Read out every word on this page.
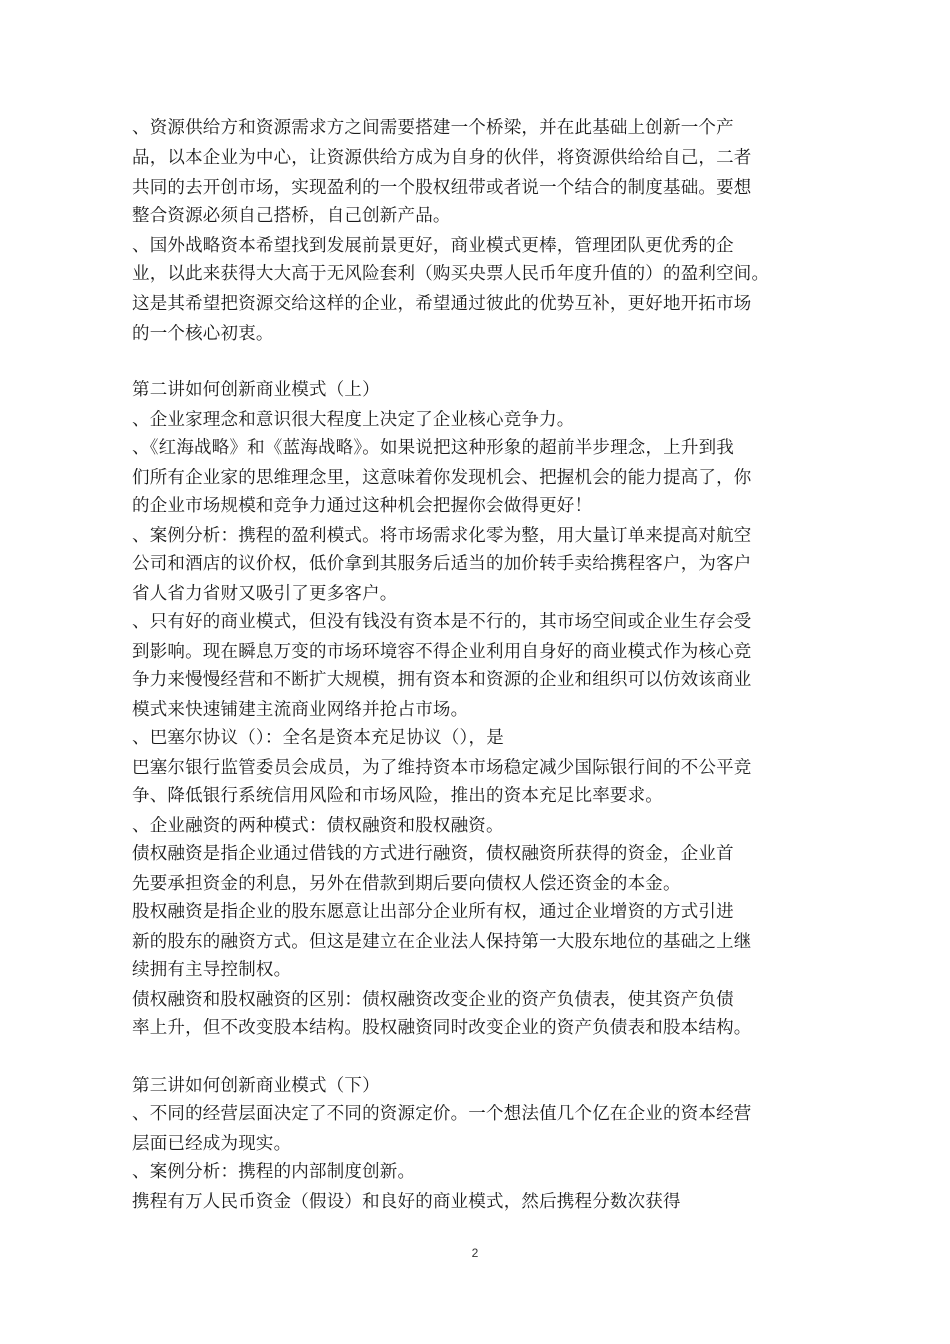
、资源供给方和资源需求方之间需要搭建一个桥梁，并在此基础上创新一个产
品，以本企业为中心，让资源供给方成为自身的伙伴，将资源供给给自己，二者
共同的去开创市场，实现盈利的一个股权纽带或者说一个结合的制度基础。要想
整合资源必须自己搭桥，自己创新产品。
、国外战略资本希望找到发展前景更好，商业模式更棒，管理团队更优秀的企
业，以此来获得大大高于无风险套利（购买央票人民币年度升值的）的盈利空间。
这是其希望把资源交给这样的企业，希望通过彼此的优势互补，更好地开拓市场
的一个核心初衷。
第二讲如何创新商业模式（上）
、企业家理念和意识很大程度上决定了企业核心竞争力。
、《红海战略》和《蓝海战略》。如果说把这种形象的超前半步理念，上升到我
们所有企业家的思维理念里，这意味着你发现机会、把握机会的能力提高了，你
的企业市场规模和竞争力通过这种机会把握你会做得更好！
、案例分析：携程的盈利模式。将市场需求化零为整，用大量订单来提高对航空
公司和酒店的议价权，低价拿到其服务后适当的加价转手卖给携程客户，为客户
省人省力省财又吸引了更多客户。
、只有好的商业模式，但没有钱没有资本是不行的，其市场空间或企业生存会受
到影响。现在瞬息万变的市场环境容不得企业利用自身好的商业模式作为核心竞
争力来慢慢经营和不断扩大规模，拥有资本和资源的企业和组织可以仿效该商业
模式来快速铺建主流商业网络并抢占市场。
、巴塞尔协议（）：全名是资本充足协议（），是
巴塞尔银行监管委员会成员，为了维持资本市场稳定减少国际银行间的不公平竞
争、降低银行系统信用风险和市场风险，推出的资本充足比率要求。
、企业融资的两种模式：债权融资和股权融资。
债权融资是指企业通过借钱的方式进行融资，债权融资所获得的资金，企业首
先要承担资金的利息，另外在借款到期后要向债权人偿还资金的本金。
股权融资是指企业的股东愿意让出部分企业所有权，通过企业增资的方式引进
新的股东的融资方式。但这是建立在企业法人保持第一大股东地位的基础之上继
续拥有主导控制权。
债权融资和股权融资的区别：债权融资改变企业的资产负债表，使其资产负债
率上升，但不改变股本结构。股权融资同时改变企业的资产负债表和股本结构。
第三讲如何创新商业模式（下）
、不同的经营层面决定了不同的资源定价。一个想法值几个亿在企业的资本经营
层面已经成为现实。
、案例分析：携程的内部制度创新。
携程有万人民币资金（假设）和良好的商业模式，然后携程分数次获得
2
